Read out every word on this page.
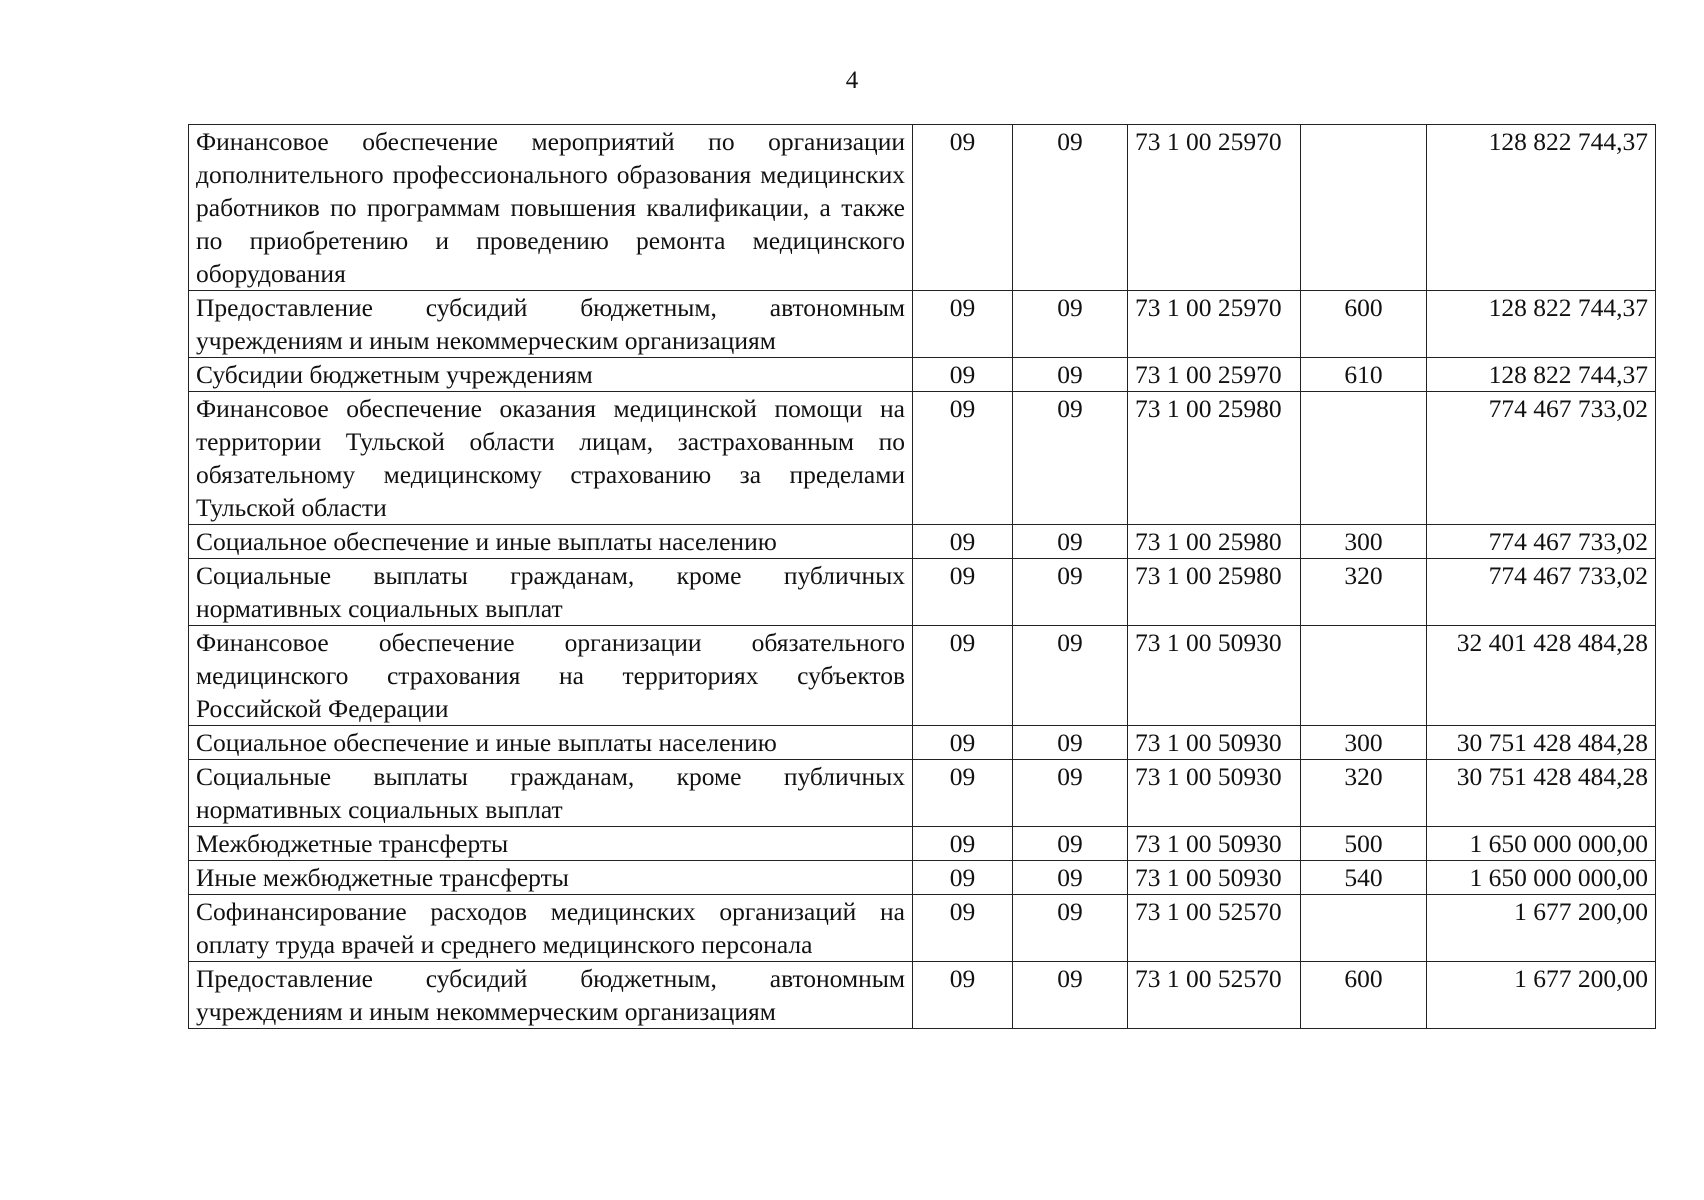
4
Финансовое обеспечение мероприятий по организации дополнительного профессионального образования медицинских работников по программам повышения квалификации, а также по приобретению и проведению ремонта медицинского оборудования	09	09	73 1 00 25970		128 822 744,37
Предоставление субсидий бюджетным, автономным учреждениям и иным некоммерческим организациям	09	09	73 1 00 25970	600	128 822 744,37
Субсидии бюджетным учреждениям	09	09	73 1 00 25970	610	128 822 744,37
Финансовое обеспечение оказания медицинской помощи на территории Тульской области лицам, застрахованным по обязательному медицинскому страхованию за пределами Тульской области	09	09	73 1 00 25980		774 467 733,02
Социальное обеспечение и иные выплаты населению	09	09	73 1 00 25980	300	774 467 733,02
Социальные выплаты гражданам, кроме публичных нормативных социальных выплат	09	09	73 1 00 25980	320	774 467 733,02
Финансовое обеспечение организации обязательного медицинского страхования на территориях субъектов Российской Федерации	09	09	73 1 00 50930		32 401 428 484,28
Социальное обеспечение и иные выплаты населению	09	09	73 1 00 50930	300	30 751 428 484,28
Социальные выплаты гражданам, кроме публичных нормативных социальных выплат	09	09	73 1 00 50930	320	30 751 428 484,28
Межбюджетные трансферты	09	09	73 1 00 50930	500	1 650 000 000,00
Иные межбюджетные трансферты	09	09	73 1 00 50930	540	1 650 000 000,00
Софинансирование расходов медицинских организаций на оплату труда врачей и среднего медицинского персонала	09	09	73 1 00 52570		1 677 200,00
Предоставление субсидий бюджетным, автономным учреждениям и иным некоммерческим организациям	09	09	73 1 00 52570	600	1 677 200,00
